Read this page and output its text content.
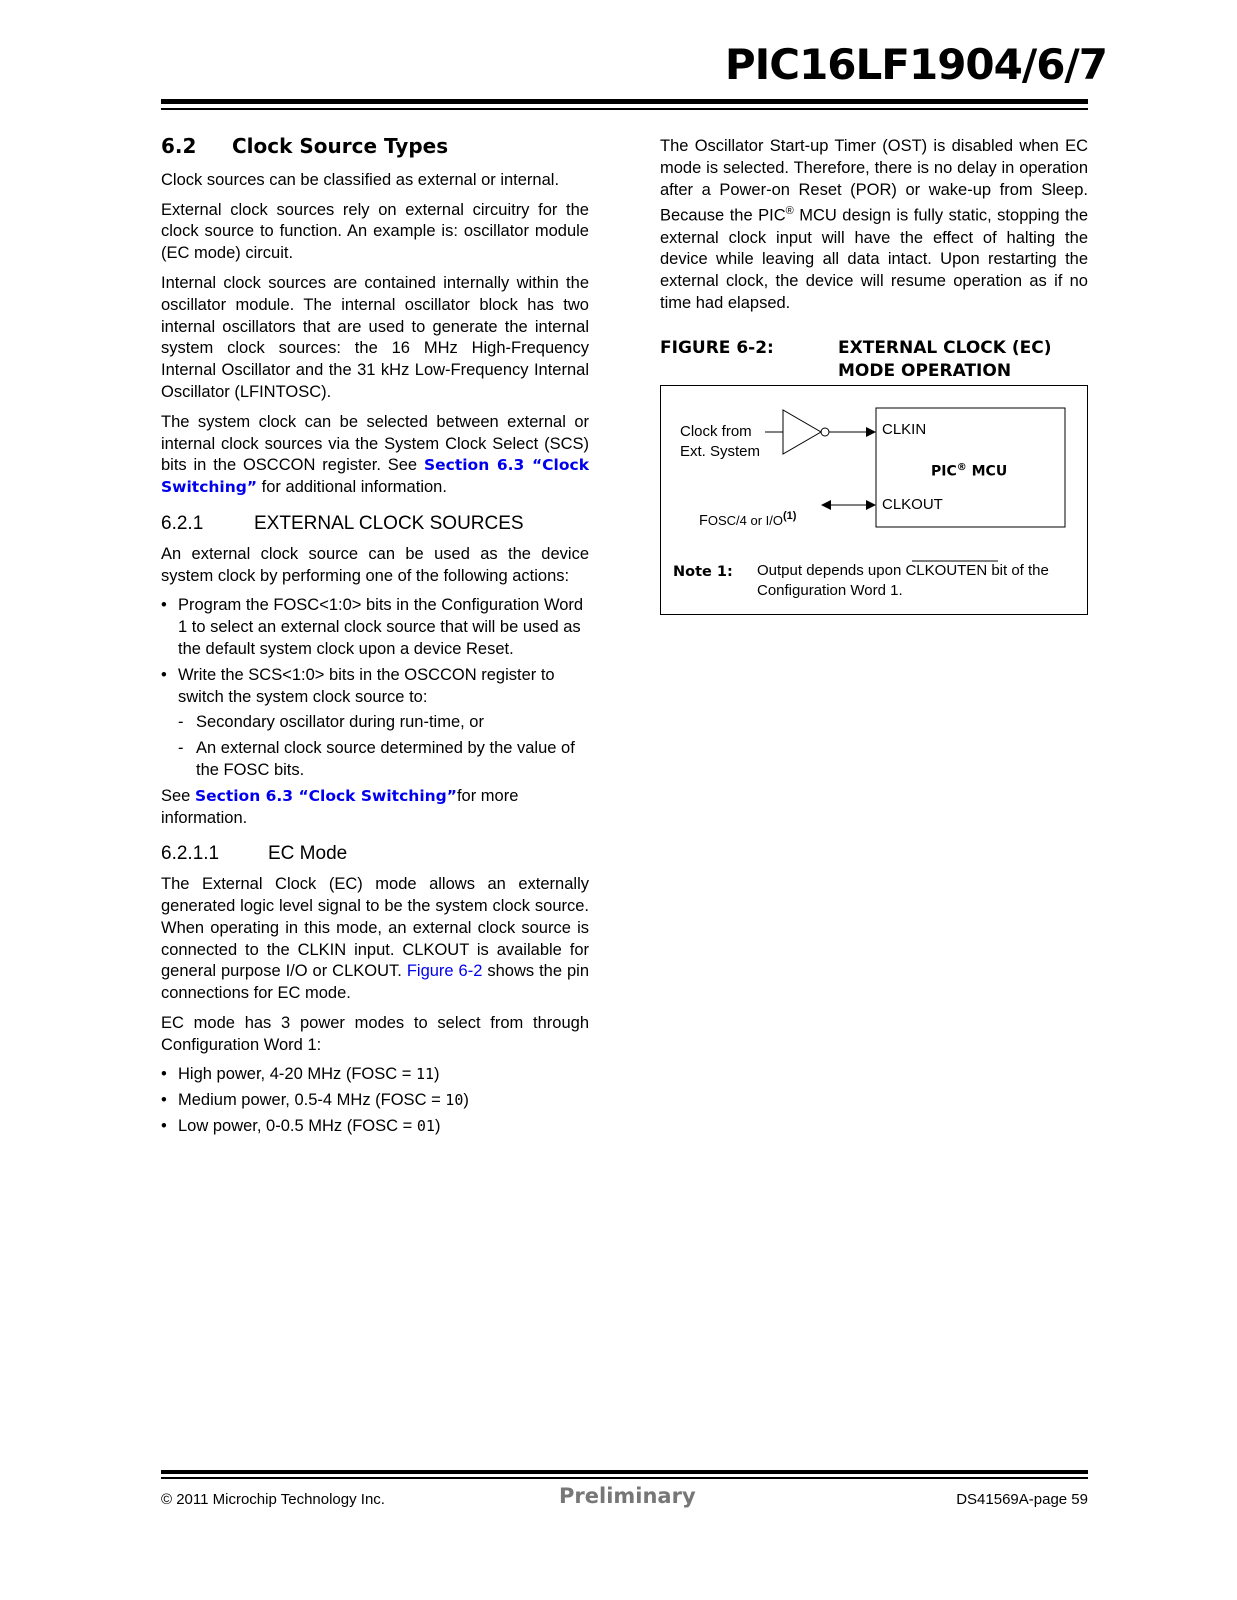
PIC16LF1904/6/7
6.2 Clock Source Types

Clock sources can be classified as external or internal.

External clock sources rely on external circuitry for the clock source to function. An example is: oscillator module (EC mode) circuit.

Internal clock sources are contained internally within the oscillator module. The internal oscillator block has two internal oscillators that are used to generate the internal system clock sources: the 16 MHz High-Frequency Internal Oscillator and the 31 kHz Low-Frequency Internal Oscillator (LFINTOSC).

The system clock can be selected between external or internal clock sources via the System Clock Select (SCS) bits in the OSCCON register. See Section 6.3 “Clock Switching” for additional information.

6.2.1	EXTERNAL CLOCK SOURCES

An external clock source can be used as the device system clock by performing one of the following actions:

• Program the FOSC<1:0> bits in the Configuration Word 1 to select an external clock source that will be used as the default system clock upon a device Reset.
• Write the SCS<1:0> bits in the OSCCON register to switch the system clock source to:
- Secondary oscillator during run-time, or
- An external clock source determined by the value of the FOSC bits.

See Section 6.3 “Clock Switching”for more information.

6.2.1.1	EC Mode

The External Clock (EC) mode allows an externally generated logic level signal to be the system clock source. When operating in this mode, an external clock source is connected to the CLKIN input. CLKOUT is available for general purpose I/O or CLKOUT. Figure 6-2 shows the pin connections for EC mode.

EC mode has 3 power modes to select from through Configuration Word 1:

• High power, 4-20 MHz (FOSC = 11)
• Medium power, 0.5-4 MHz (FOSC = 10)
• Low power, 0-0.5 MHz (FOSC = 01)

The Oscillator Start-up Timer (OST) is disabled when EC mode is selected. Therefore, there is no delay in operation after a Power-on Reset (POR) or wake-up from Sleep. Because the PIC® MCU design is fully static, stopping the external clock input will have the effect of halting the device while leaving all data intact. Upon restarting the external clock, the device will resume operation as if no time had elapsed.

FIGURE 6-2:	EXTERNAL CLOCK (EC) MODE OPERATION
Clock from
Ext. System
CLKIN
PIC® MCU
CLKOUT
FOSC/4 or $I/O^{(1)}$
Note 1: Output depends upon CLKOUTEN bit of the Configuration Word 1.
© 2011 Microchip Technology Inc.	Preliminary	DS41569A-page 59
